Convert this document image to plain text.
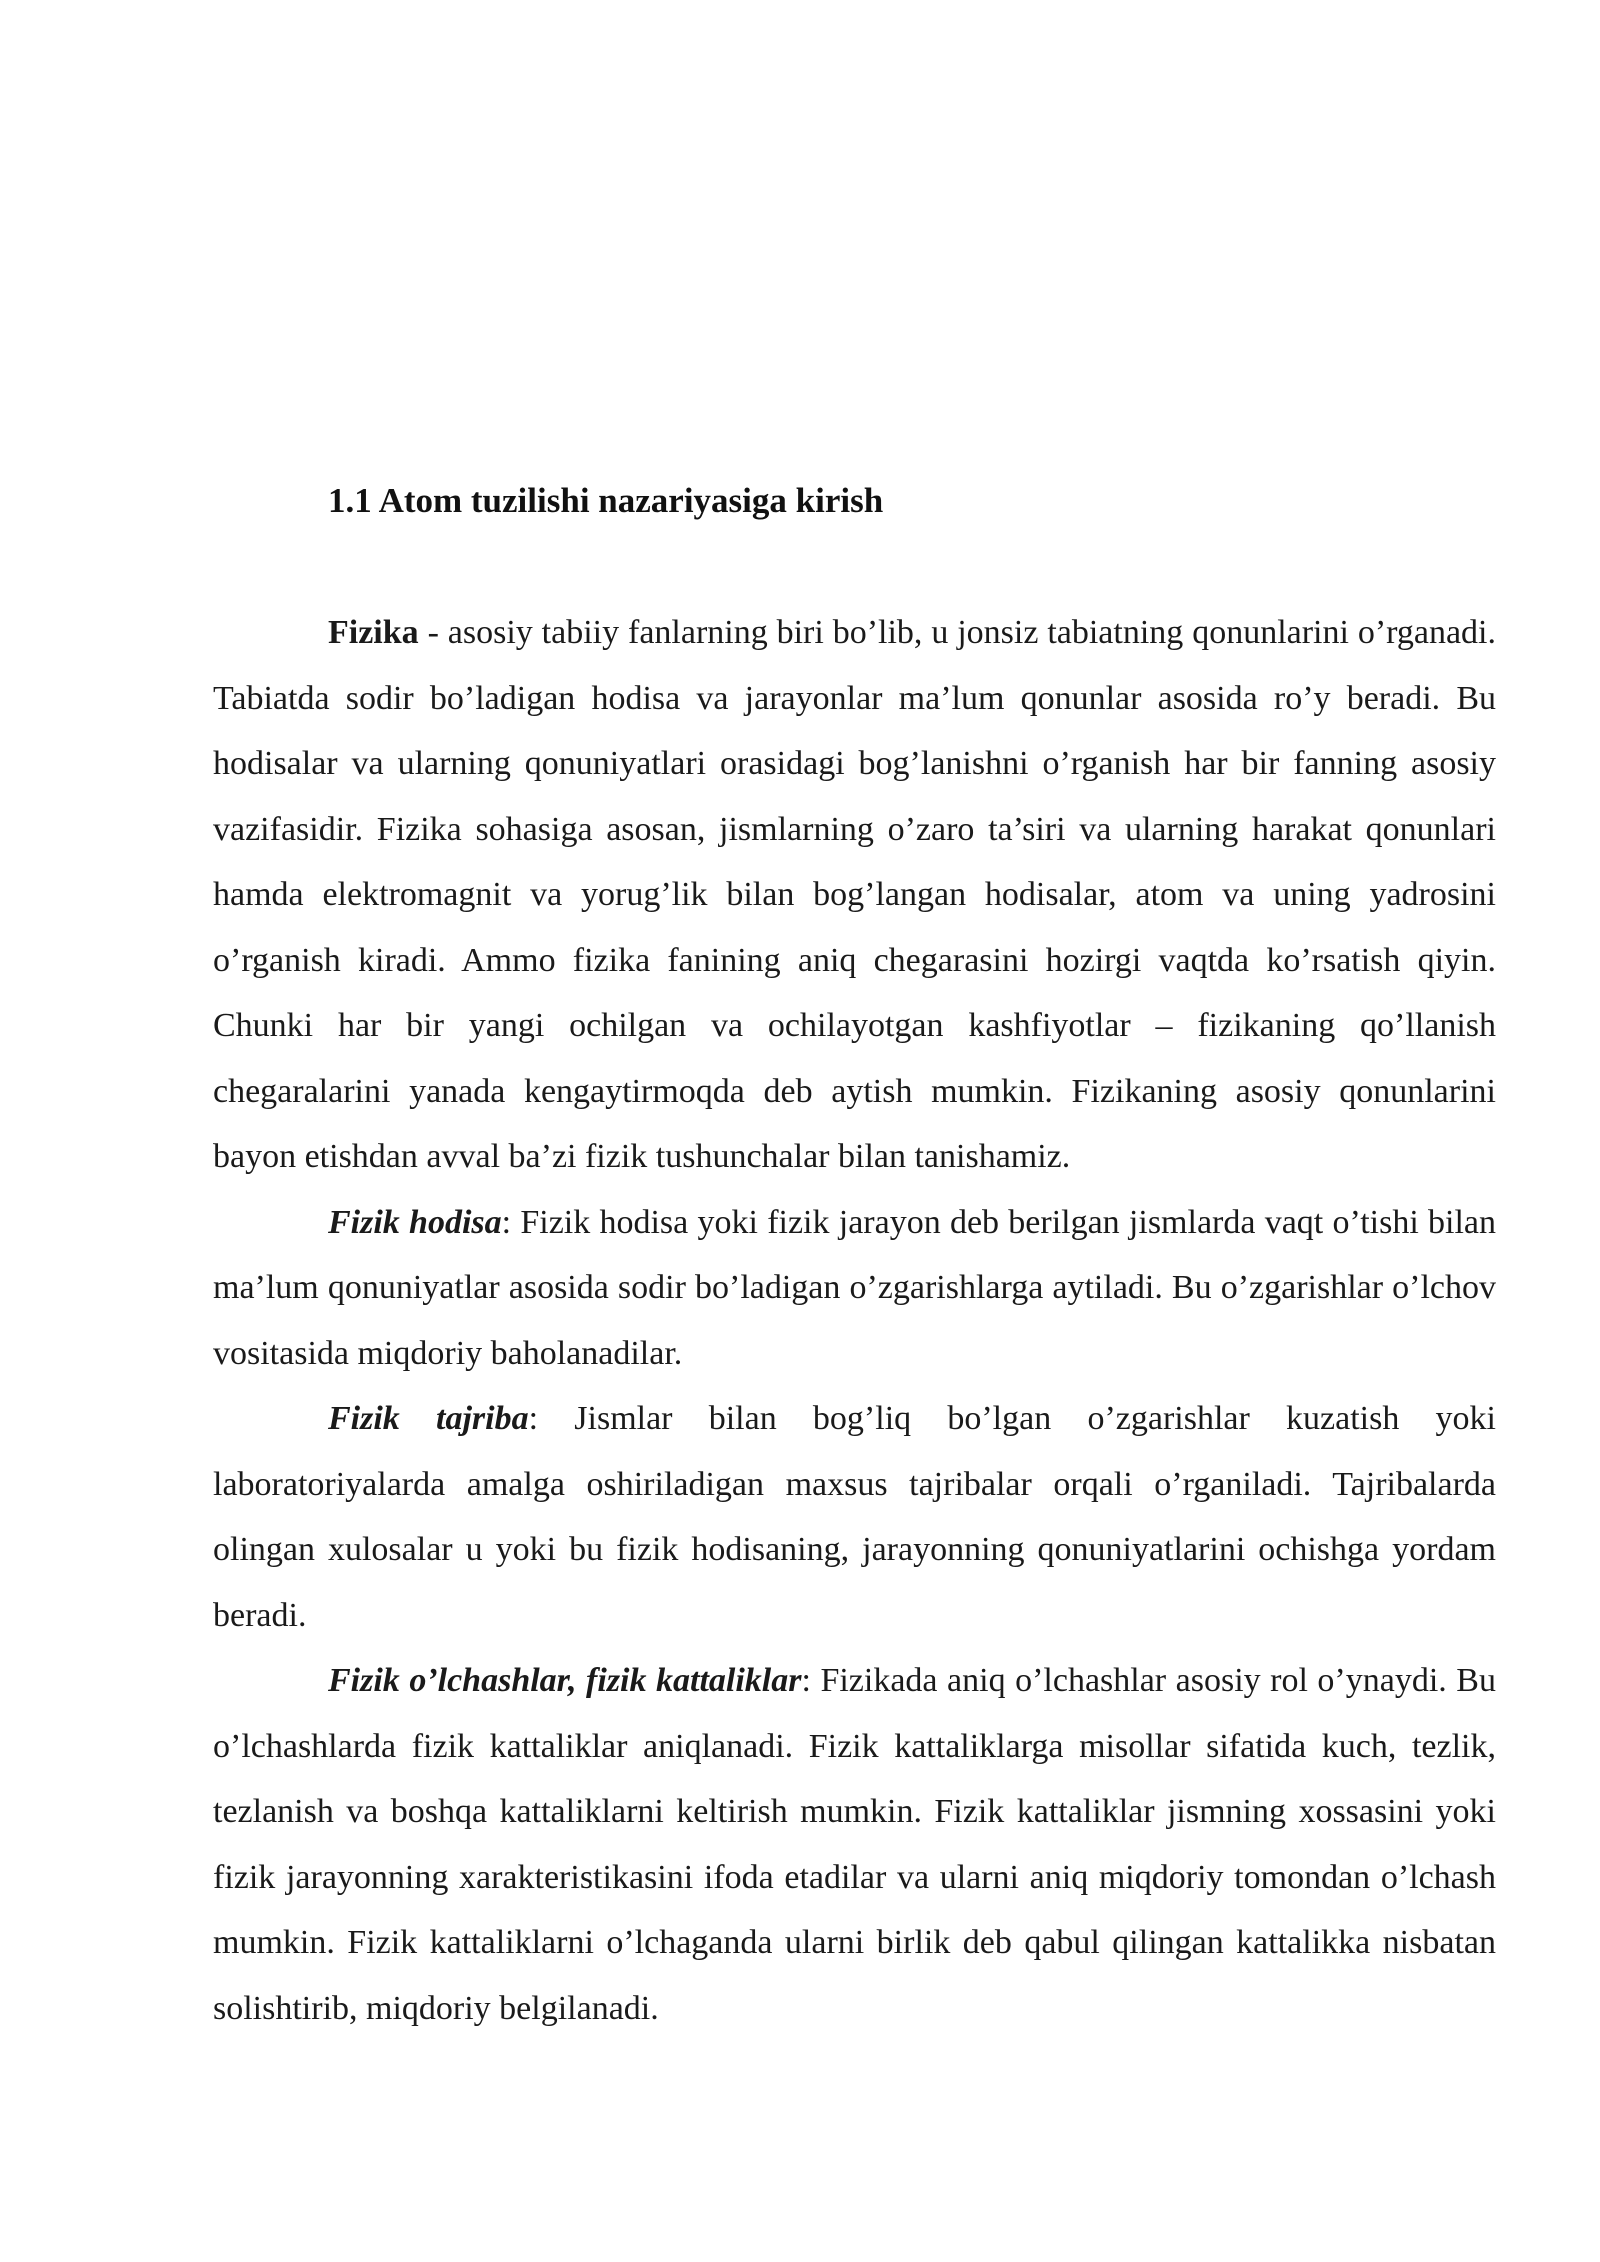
1.1 Atom tuzilishi nazariyasiga kirish

Fizika - asosiy tabiiy fanlarning biri bo’lib, u jonsiz tabiatning qonunlarini o’rganadi. Tabiatda sodir bo’ladigan hodisa va jarayonlar ma’lum qonunlar asosida ro’y beradi. Bu hodisalar va ularning qonuniyatlari orasidagi bog’lanishni o’rganish har bir fanning asosiy vazifasidir. Fizika sohasiga asosan, jismlarning o’zaro ta’siri va ularning harakat qonunlari hamda elektromagnit va yorug’lik bilan bog’langan hodisalar, atom va uning yadrosini o’rganish kiradi. Ammo fizika fanining aniq chegarasini hozirgi vaqtda ko’rsatish qiyin. Chunki har bir yangi ochilgan va ochilayotgan kashfiyotlar – fizikaning qo’llanish chegaralarini yanada kengaytirmoqda deb aytish mumkin. Fizikaning asosiy qonunlarini bayon etishdan avval ba’zi fizik tushunchalar bilan tanishamiz.

Fizik hodisa: Fizik hodisa yoki fizik jarayon deb berilgan jismlarda vaqt o’tishi bilan ma’lum qonuniyatlar asosida sodir bo’ladigan o’zgarishlarga aytiladi. Bu o’zgarishlar o’lchov vositasida miqdoriy baholanadilar.

Fizik tajriba: Jismlar bilan bog’liq bo’lgan o’zgarishlar kuzatish yoki laboratoriyalarda amalga oshiriladigan maxsus tajribalar orqali o’rganiladi. Tajribalarda olingan xulosalar u yoki bu fizik hodisaning, jarayonning qonuniyatlarini ochishga yordam beradi.

Fizik o’lchashlar, fizik kattaliklar: Fizikada aniq o’lchashlar asosiy rol o’ynaydi. Bu o’lchashlarda fizik kattaliklar aniqlanadi. Fizik kattaliklarga misollar sifatida kuch, tezlik, tezlanish va boshqa kattaliklarni keltirish mumkin. Fizik kattaliklar jismning xossasini yoki fizik jarayonning xarakteristikasini ifoda etadilar va ularni aniq miqdoriy tomondan o’lchash mumkin. Fizik kattaliklarni o’lchaganda ularni birlik deb qabul qilingan kattalikka nisbatan solishtirib, miqdoriy belgilanadi.
